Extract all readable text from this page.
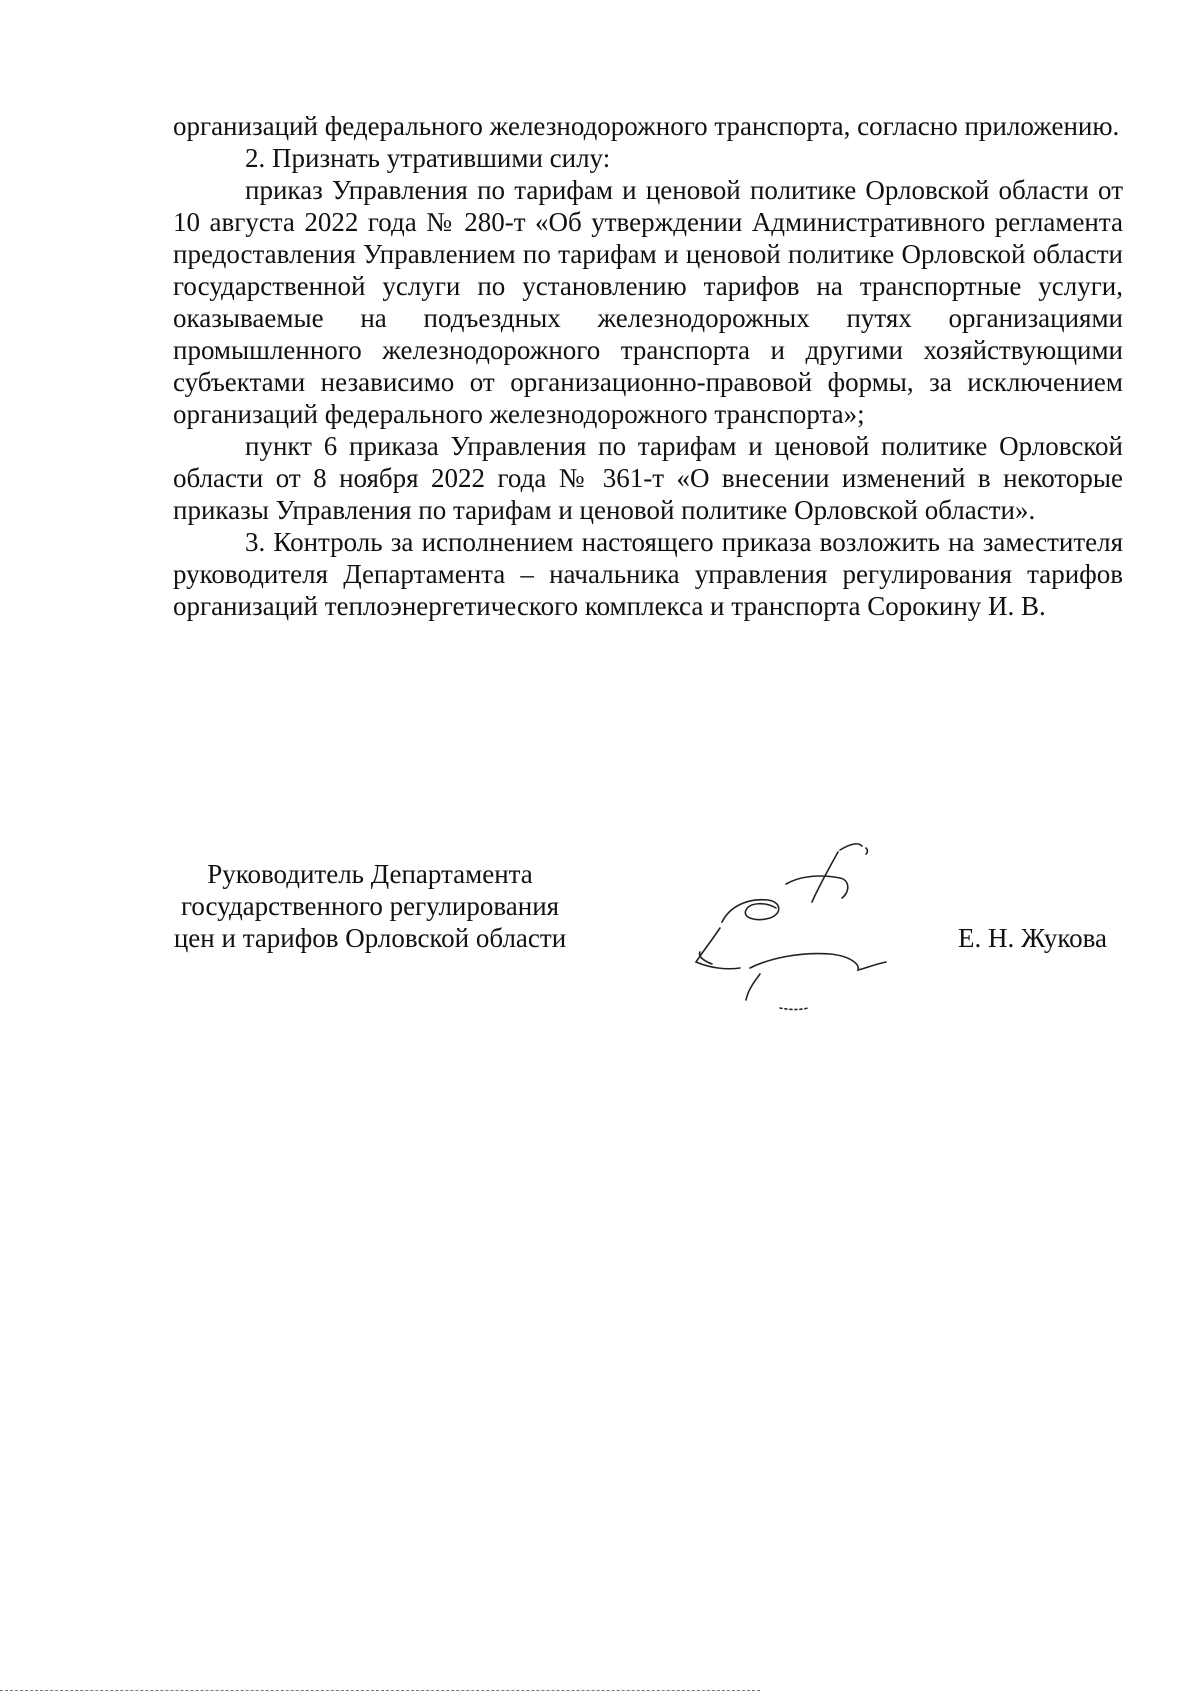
организаций федерального железнодорожного транспорта, согласно приложению.

2. Признать утратившими силу:

приказ Управления по тарифам и ценовой политике Орловской области от 10 августа 2022 года № 280-т «Об утверждении Административного регламента предоставления Управлением по тарифам и ценовой политике Орловской области государственной услуги по установлению тарифов на транспортные услуги, оказываемые на подъездных железнодорожных путях организациями промышленного железнодорожного транспорта и другими хозяйствующими субъектами независимо от организационно-правовой формы, за исключением организаций федерального железнодорожного транспорта»;

пункт 6 приказа Управления по тарифам и ценовой политике Орловской области от 8 ноября 2022 года № 361-т «О внесении изменений в некоторые приказы Управления по тарифам и ценовой политике Орловской области».

3. Контроль за исполнением настоящего приказа возложить на заместителя руководителя Департамента – начальника управления регулирования тарифов организаций теплоэнергетического комплекса и транспорта Сорокину И. В.

Руководитель Департамента
государственного регулирования
цен и тарифов Орловской области	Е. Н. Жукова
